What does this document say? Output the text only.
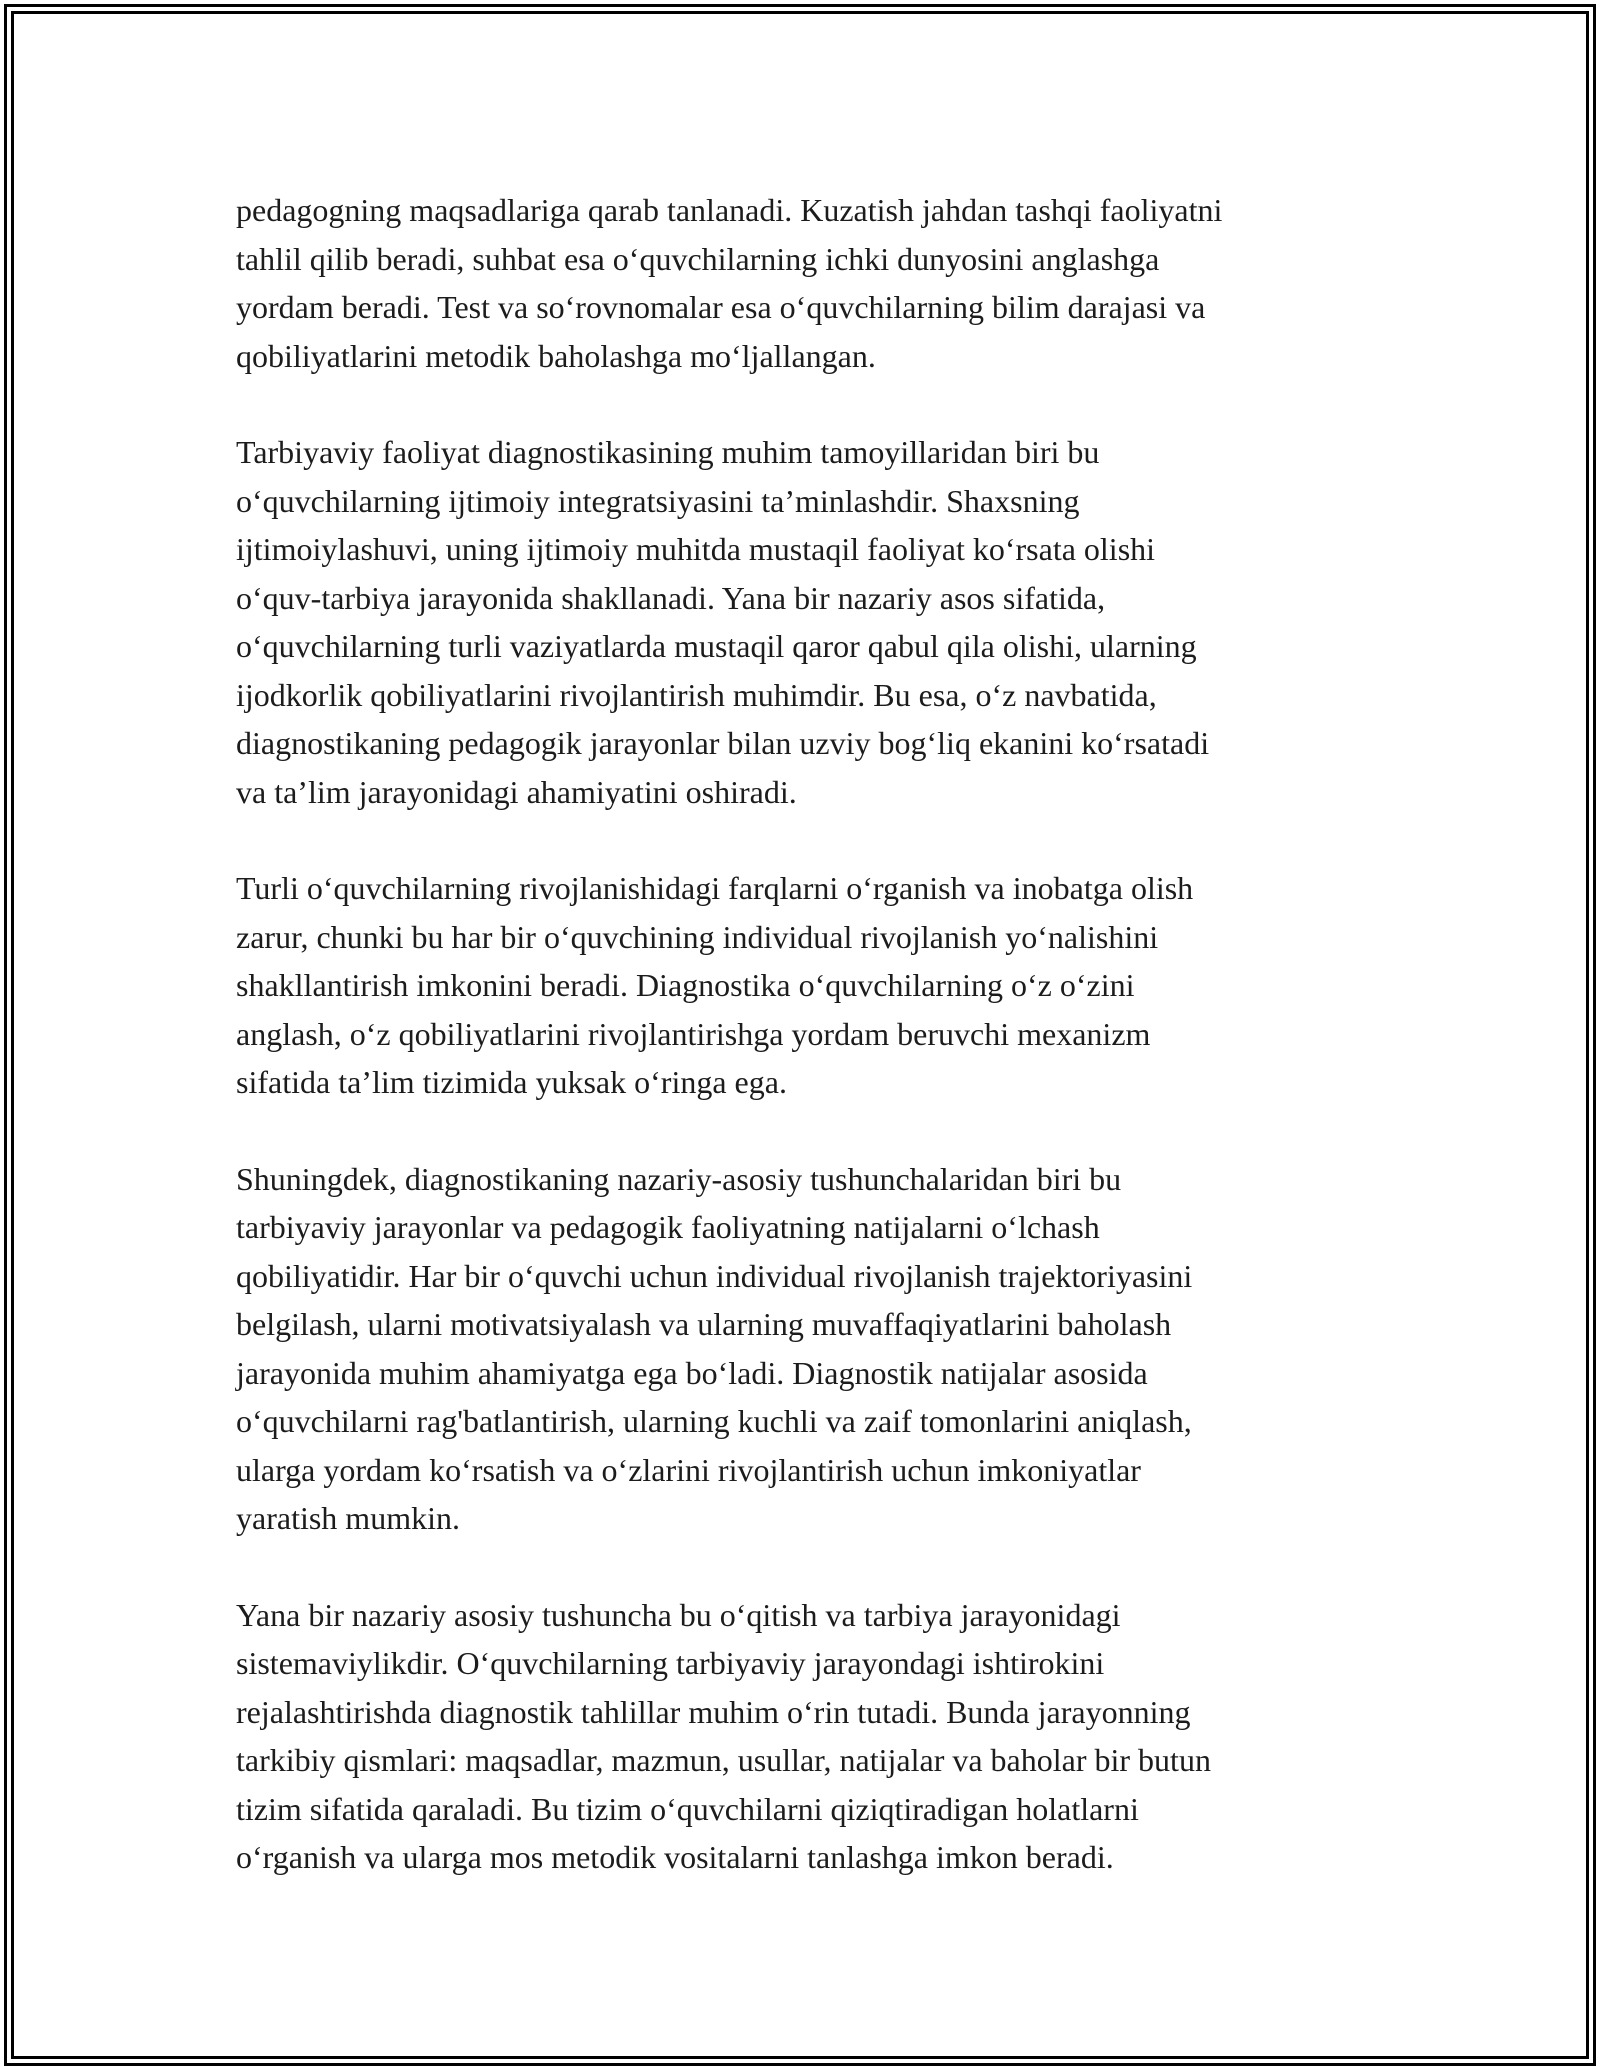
pedagogning maqsadlariga qarab tanlanadi. Kuzatish jahdan tashqi faoliyatni
tahlil qilib beradi, suhbat esa o‘quvchilarning ichki dunyosini anglashga
yordam beradi. Test va so‘rovnomalar esa o‘quvchilarning bilim darajasi va
qobiliyatlarini metodik baholashga mo‘ljallangan.

Tarbiyaviy faoliyat diagnostikasining muhim tamoyillaridan biri bu
o‘quvchilarning ijtimoiy integratsiyasini ta’minlashdir. Shaxsning
ijtimoiylashuvi, uning ijtimoiy muhitda mustaqil faoliyat ko‘rsata olishi
o‘quv-tarbiya jarayonida shakllanadi. Yana bir nazariy asos sifatida,
o‘quvchilarning turli vaziyatlarda mustaqil qaror qabul qila olishi, ularning
ijodkorlik qobiliyatlarini rivojlantirish muhimdir. Bu esa, o‘z navbatida,
diagnostikaning pedagogik jarayonlar bilan uzviy bog‘liq ekanini ko‘rsatadi
va ta’lim jarayonidagi ahamiyatini oshiradi.

Turli o‘quvchilarning rivojlanishidagi farqlarni o‘rganish va inobatga olish
zarur, chunki bu har bir o‘quvchining individual rivojlanish yo‘nalishini
shakllantirish imkonini beradi. Diagnostika o‘quvchilarning o‘z o‘zini
anglash, o‘z qobiliyatlarini rivojlantirishga yordam beruvchi mexanizm
sifatida ta’lim tizimida yuksak o‘ringa ega.

Shuningdek, diagnostikaning nazariy-asosiy tushunchalaridan biri bu
tarbiyaviy jarayonlar va pedagogik faoliyatning natijalarni o‘lchash
qobiliyatidir. Har bir o‘quvchi uchun individual rivojlanish trajektoriyasini
belgilash, ularni motivatsiyalash va ularning muvaffaqiyatlarini baholash
jarayonida muhim ahamiyatga ega bo‘ladi. Diagnostik natijalar asosida
o‘quvchilarni rag'batlantirish, ularning kuchli va zaif tomonlarini aniqlash,
ularga yordam ko‘rsatish va o‘zlarini rivojlantirish uchun imkoniyatlar
yaratish mumkin.

Yana bir nazariy asosiy tushuncha bu o‘qitish va tarbiya jarayonidagi
sistemaviylikdir. O‘quvchilarning tarbiyaviy jarayondagi ishtirokini
rejalashtirishda diagnostik tahlillar muhim o‘rin tutadi. Bunda jarayonning
tarkibiy qismlari: maqsadlar, mazmun, usullar, natijalar va baholar bir butun
tizim sifatida qaraladi. Bu tizim o‘quvchilarni qiziqtiradigan holatlarni
o‘rganish va ularga mos metodik vositalarni tanlashga imkon beradi.
